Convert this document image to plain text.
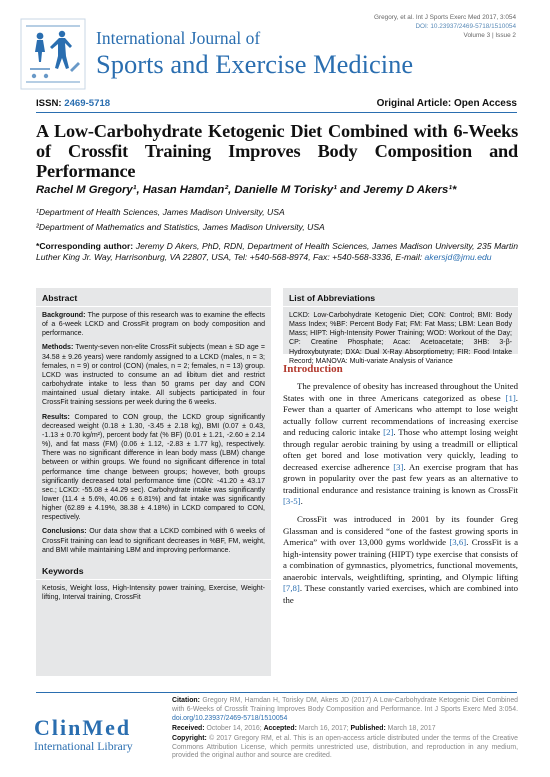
Gregory, et al. Int J Sports Exerc Med 2017, 3:054
DOI: 10.23937/2469-5718/1510054
Volume 3 | Issue 2
International Journal of
Sports and Exercise Medicine
ISSN: 2469-5718	Original Article: Open Access
A Low-Carbohydrate Ketogenic Diet Combined with 6-Weeks of Crossfit Training Improves Body Composition and Performance
Rachel M Gregory¹, Hasan Hamdan², Danielle M Torisky¹ and Jeremy D Akers¹*
¹Department of Health Sciences, James Madison University, USA
²Department of Mathematics and Statistics, James Madison University, USA
*Corresponding author: Jeremy D Akers, PhD, RDN, Department of Health Sciences, James Madison University, 235 Martin Luther King Jr. Way, Harrisonburg, VA 22807, USA, Tel: +540-568-8974, Fax: +540-568-3336, E-mail: akersjd@jmu.edu
Abstract

Background: The purpose of this research was to examine the effects of a 6-week LCKD and CrossFit program on body composition and performance.

Methods: Twenty-seven non-elite CrossFit subjects (mean ± SD age = 34.58 ± 9.26 years) were randomly assigned to a LCKD (males, n = 3; females, n = 9) or control (CON) (males, n = 2; females, n = 13) group. LCKD was instructed to consume an ad libitum diet and restrict carbohydrate intake to less than 50 grams per day and CON maintained usual dietary intake. All subjects participated in four CrossFit training sessions per week during the 6 weeks.

Results: Compared to CON group, the LCKD group significantly decreased weight (0.18 ± 1.30, -3.45 ± 2.18 kg), BMI (0.07 ± 0.43, -1.13 ± 0.70 kg/m²), percent body fat (% BF) (0.01 ± 1.21, -2.60 ± 2.14 %), and fat mass (FM) (0.06 ± 1.12, -2.83 ± 1.77 kg), respectively. There was no significant difference in lean body mass (LBM) change between or within groups. We found no significant difference in total performance time change between groups; however, both groups significantly decreased total performance time (CON: -41.20 ± 43.17 sec.; LCKD: -55.08 ± 44.29 sec). Carbohydrate intake was significantly lower (11.4 ± 5.6%, 40.06 ± 6.81%) and fat intake was significantly higher (62.89 ± 4.19%, 38.38 ± 4.18%) in LCKD compared to CON, respectively.

Conclusions: Our data show that a LCKD combined with 6 weeks of CrossFit training can lead to significant decreases in %BF, FM, weight, and BMI while maintaining LBM and improving performance.

Keywords
Ketosis, Weight loss, High-Intensity power training, Exercise, Weight-lifting, Interval training, CrossFit
List of Abbreviations
LCKD: Low-Carbohydrate Ketogenic Diet; CON: Control; BMI: Body Mass Index; %BF: Percent Body Fat; FM: Fat Mass; LBM: Lean Body Mass; HIPT: High-Intensity Power Training; WOD: Workout of the Day; CP: Creatine Phosphate; Acac: Acetoacetate; 3HB: 3-β-Hydroxybutyrate; DXA: Dual X-Ray Absorptiometry; FIR: Food Intake Record; MANOVA: Multi-variate Analysis of Variance
Introduction

The prevalence of obesity has increased throughout the United States with one in three Americans categorized as obese [1]. Fewer than a quarter of Americans who attempt to lose weight actually follow current recommendations of increasing exercise and reducing caloric intake [2]. Those who attempt losing weight through regular aerobic training by using a treadmill or elliptical often get bored and lose motivation very quickly, leading to decreased exercise adherence [3]. An exercise program that has grown in popularity over the past few years as an alternative to traditional endurance and resistance training is known as CrossFit [3-5].

CrossFit was introduced in 2001 by its founder Greg Glassman and is considered “one of the fastest growing sports in America” with over 13,000 gyms worldwide [3,6]. CrossFit is a high-intensity power training (HIPT) type exercise that consists of a combination of gymnastics, plyometrics, functional movements, anaerobic intervals, weightlifting, sprinting, and Olympic lifting [7,8]. These constantly varied exercises, which are combined into the

ClinMed
International Library

Citation: Gregory RM, Hamdan H, Torisky DM, Akers JD (2017) A Low-Carbohydrate Ketogenic Diet Combined with 6-Weeks of Crossfit Training Improves Body Composition and Performance. Int J Sports Exerc Med 3:054. doi.org/10.23937/2469-5718/1510054

Received: October 14, 2016; Accepted: March 16, 2017; Published: March 18, 2017

Copyright: © 2017 Gregory RM, et al. This is an open-access article distributed under the terms of the Creative Commons Attribution License, which permits unrestricted use, distribution, and reproduction in any medium, provided the original author and source are credited.
